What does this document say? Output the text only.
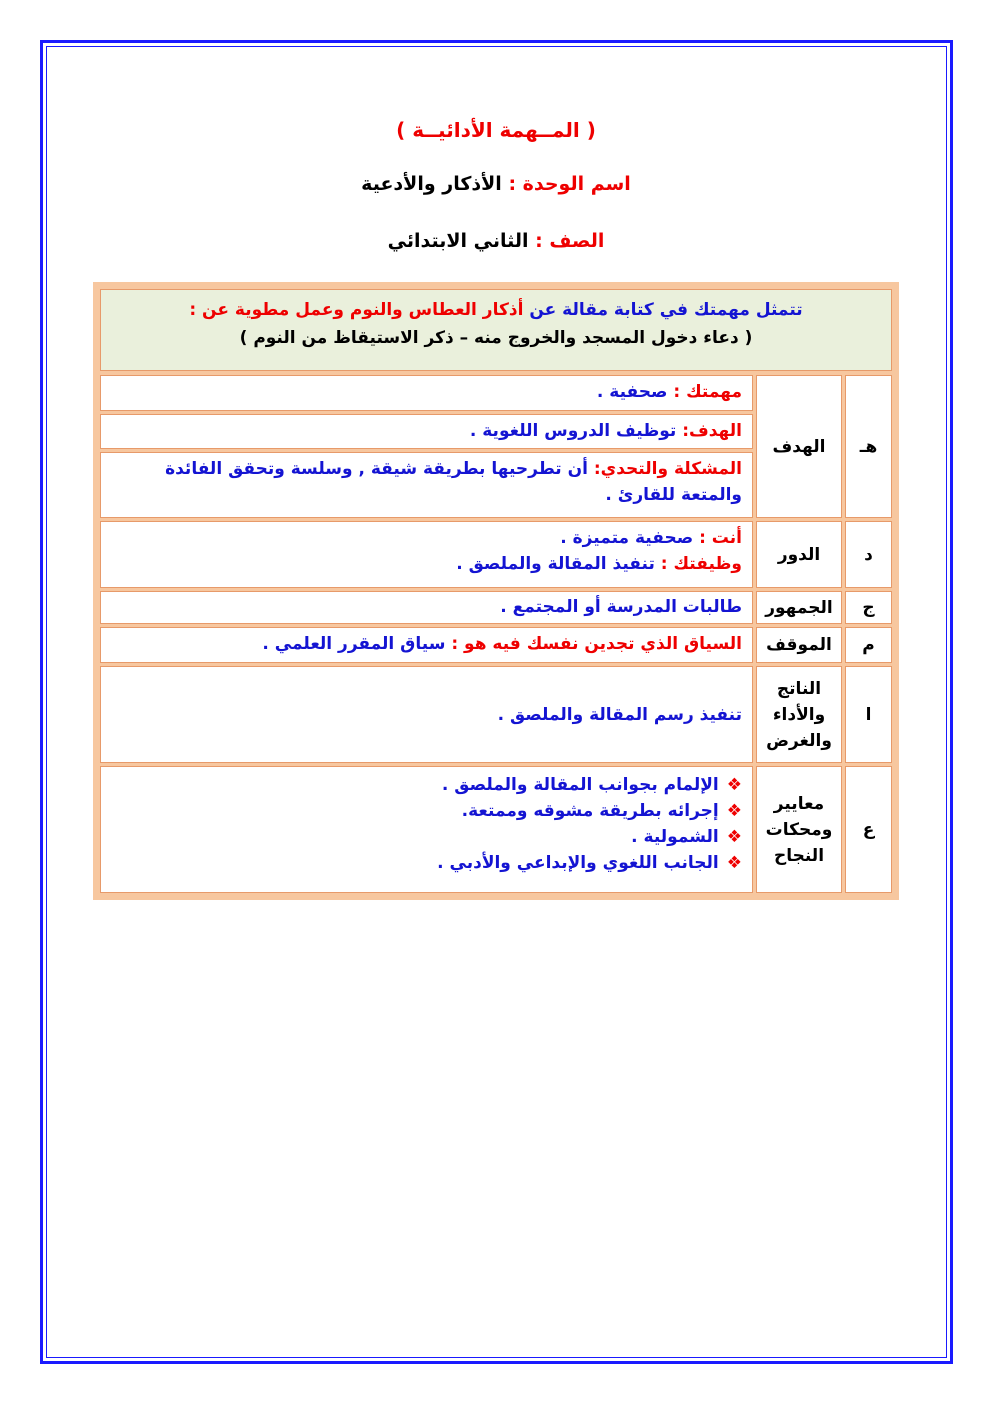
( المــهمة الأدائيــة )
اسم الوحدة : الأذكار والأدعية
الصف : الثاني الابتدائي
تتمثل مهمتك في كتابة مقالة عن أذكار العطاس والنوم وعمل مطوية عن :
( دعاء دخول المسجد والخروج منه – ذكر الاستيقاظ من النوم )
هـ
الهدف
مهمتك : صحفية .
الهدف: توظيف الدروس اللغوية .
المشكلة والتحدي: أن تطرحيها بطريقة شيقة , وسلسة وتحقق الفائدة والمتعة للقارئ .
د
الدور
أنت : صحفية متميزة .
وظيفتك : تنفيذ المقالة والملصق .
ج
الجمهور
طالبات المدرسة أو المجتمع .
م
الموقف
السياق الذي تجدين نفسك فيه هو : سياق المقرر العلمي .
ا
الناتج
والأداء
والغرض
تنفيذ رسم المقالة والملصق .
ع
معايير
ومحكات
النجاح
❖الإلمام بجوانب المقالة والملصق .
❖إجرائه بطريقة مشوقه وممتعة.
❖الشمولية .
❖الجانب اللغوي والإبداعي والأدبي .
